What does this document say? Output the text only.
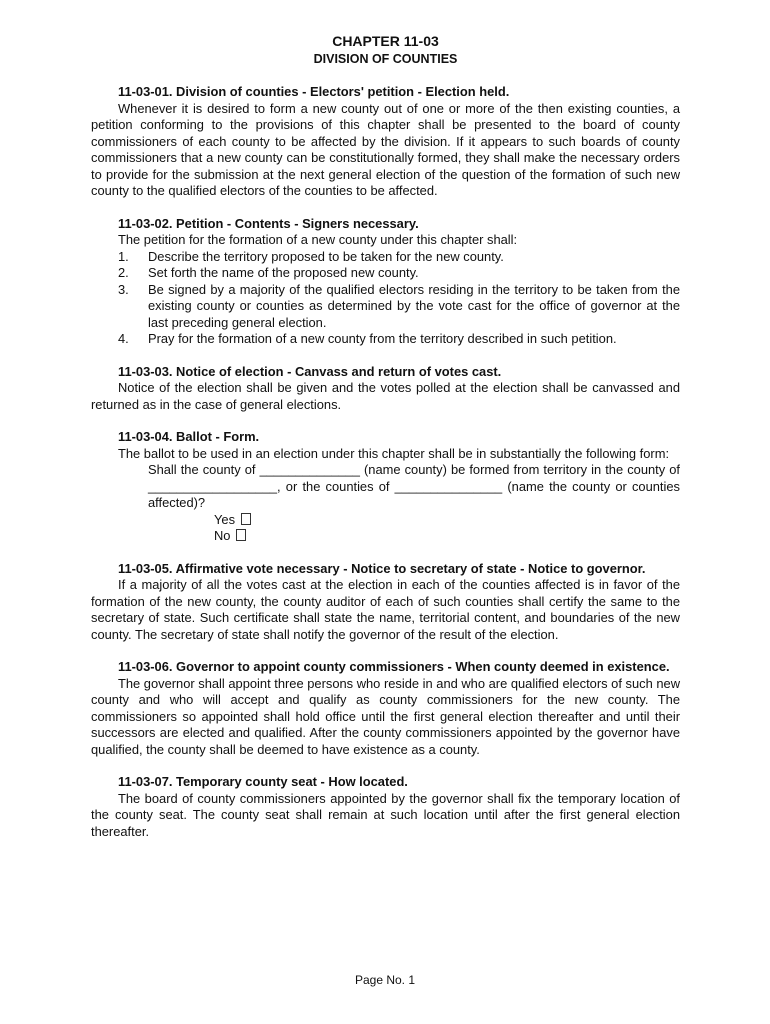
CHAPTER 11-03
DIVISION OF COUNTIES
11-03-01. Division of counties - Electors' petition - Election held.
Whenever it is desired to form a new county out of one or more of the then existing counties, a petition conforming to the provisions of this chapter shall be presented to the board of county commissioners of each county to be affected by the division. If it appears to such boards of county commissioners that a new county can be constitutionally formed, they shall make the necessary orders to provide for the submission at the next general election of the question of the formation of such new county to the qualified electors of the counties to be affected.
11-03-02. Petition - Contents - Signers necessary.
The petition for the formation of a new county under this chapter shall:
1.	Describe the territory proposed to be taken for the new county.
2.	Set forth the name of the proposed new county.
3.	Be signed by a majority of the qualified electors residing in the territory to be taken from the existing county or counties as determined by the vote cast for the office of governor at the last preceding general election.
4.	Pray for the formation of a new county from the territory described in such petition.
11-03-03. Notice of election - Canvass and return of votes cast.
Notice of the election shall be given and the votes polled at the election shall be canvassed and returned as in the case of general elections.
11-03-04. Ballot - Form.
The ballot to be used in an election under this chapter shall be in substantially the following form:
Shall the county of ______________ (name county) be formed from territory in the county of __________________, or the counties of _______________ (name the county or counties affected)?
Yes
No
11-03-05. Affirmative vote necessary - Notice to secretary of state - Notice to governor.
If a majority of all the votes cast at the election in each of the counties affected is in favor of the formation of the new county, the county auditor of each of such counties shall certify the same to the secretary of state. Such certificate shall state the name, territorial content, and boundaries of the new county. The secretary of state shall notify the governor of the result of the election.
11-03-06. Governor to appoint county commissioners - When county deemed in existence.
The governor shall appoint three persons who reside in and who are qualified electors of such new county and who will accept and qualify as county commissioners for the new county. The commissioners so appointed shall hold office until the first general election thereafter and until their successors are elected and qualified. After the county commissioners appointed by the governor have qualified, the county shall be deemed to have existence as a county.
11-03-07. Temporary county seat - How located.
The board of county commissioners appointed by the governor shall fix the temporary location of the county seat. The county seat shall remain at such location until after the first general election thereafter.
Page No. 1
